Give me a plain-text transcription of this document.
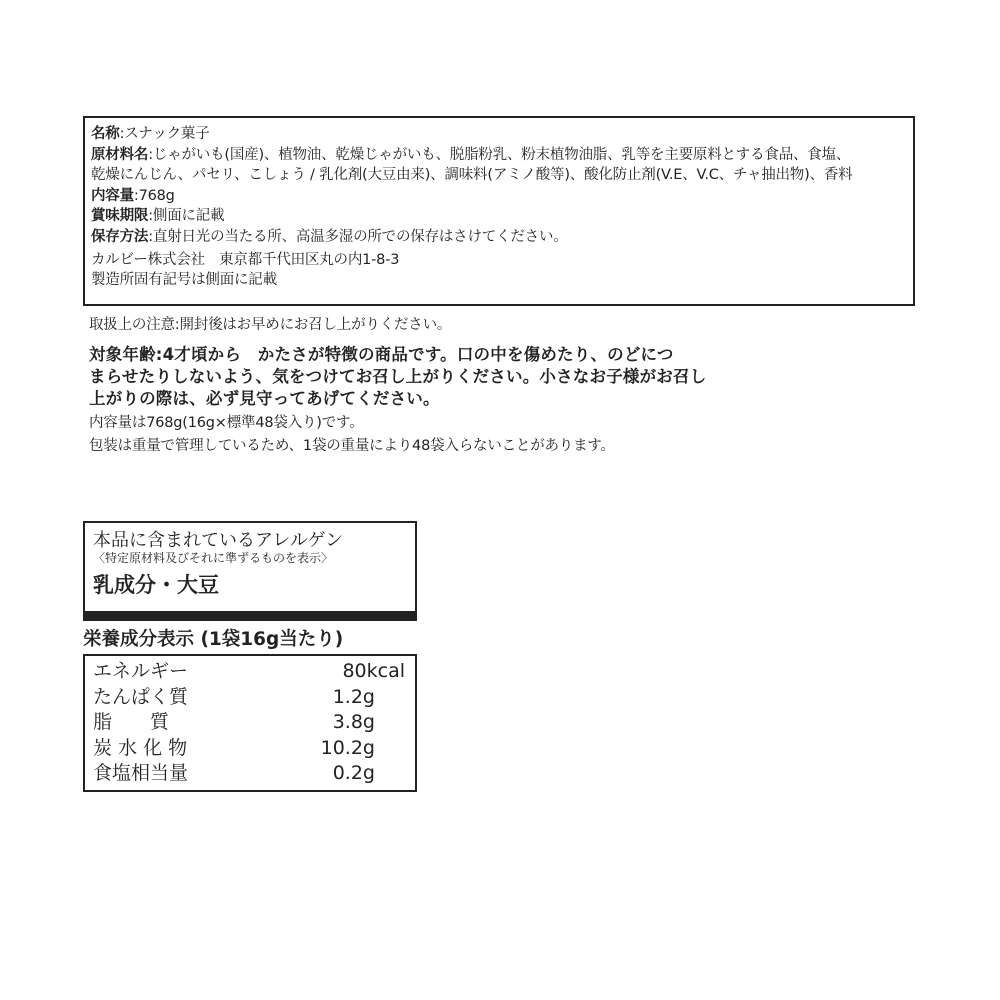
名称:スナック菓子
原材料名:じゃがいも(国産)、植物油、乾燥じゃがいも、脱脂粉乳、粉末植物油脂、乳等を主要原料とする食品、食塩、
乾燥にんじん、パセリ、こしょう / 乳化剤(大豆由来)、調味料(アミノ酸等)、酸化防止剤(V.E、V.C、チャ抽出物)、香料
内容量:768g
賞味期限:側面に記載
保存方法:直射日光の当たる所、高温多湿の所での保存はさけてください。
カルビー株式会社　東京都千代田区丸の内1-8-3
製造所固有記号は側面に記載
取扱上の注意:開封後はお早めにお召し上がりください。
対象年齢:4才頃から　かたさが特徴の商品です。口の中を傷めたり、のどにつ
まらせたりしないよう、気をつけてお召し上がりください。小さなお子様がお召し
上がりの際は、必ず見守ってあげてください。
内容量は768g(16g×標準48袋入り)です。
包装は重量で管理しているため、1袋の重量により48袋入らないことがあります。
本品に含まれているアレルゲン
〈特定原材料及びそれに準ずるものを表示〉
乳成分・大豆
栄養成分表示 (1袋16g当たり)
エネルギー	80kcal
たんぱく質	1.2g
脂　　質	3.8g
炭 水 化 物	10.2g
食塩相当量	0.2g
